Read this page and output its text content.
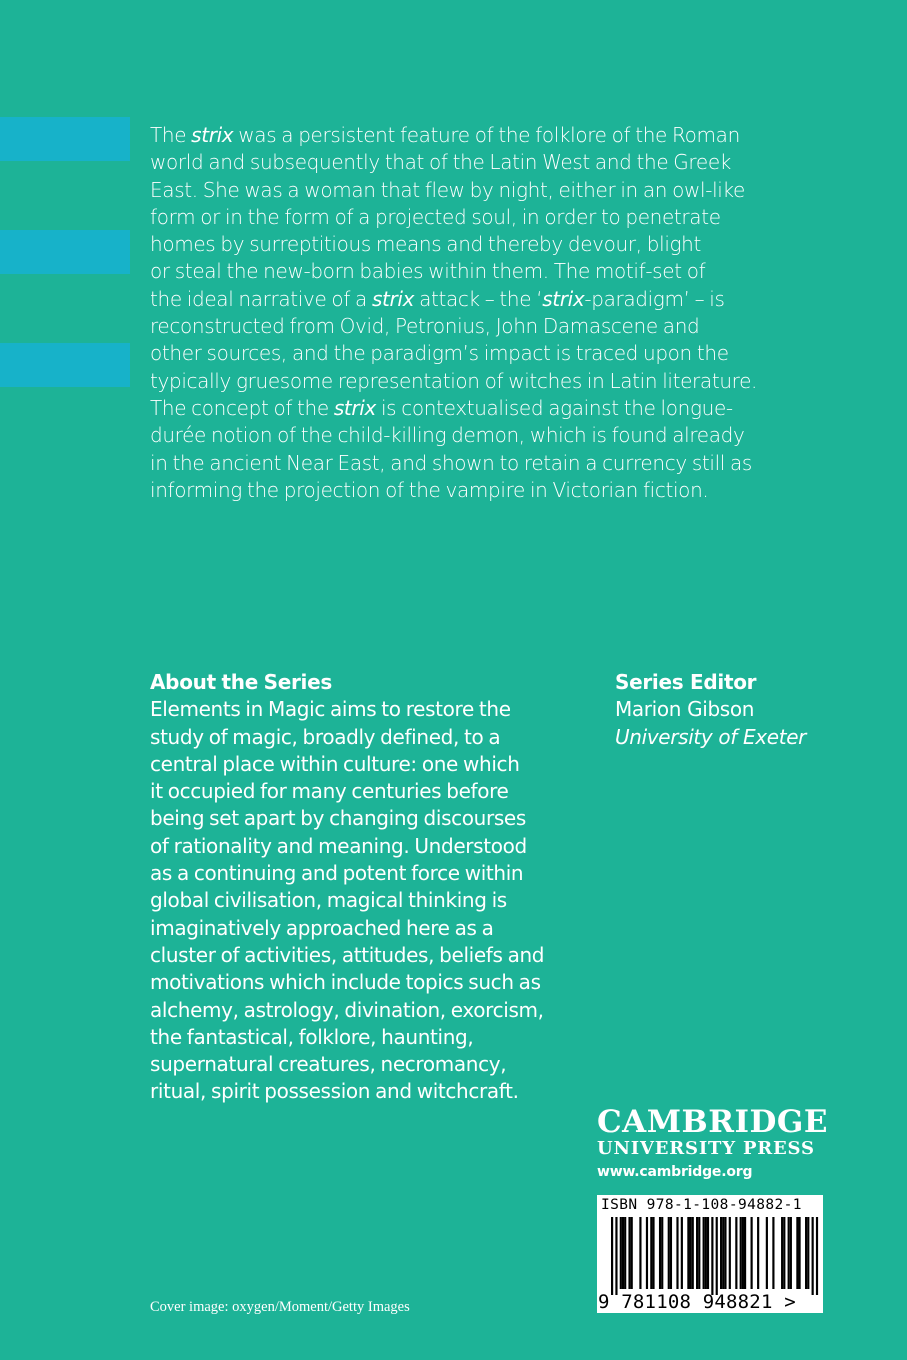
The strix was a persistent feature of the folklore of the Roman
world and subsequently that of the Latin West and the Greek
East. She was a woman that flew by night, either in an owl-like
form or in the form of a projected soul, in order to penetrate
homes by surreptitious means and thereby devour, blight
or steal the new-born babies within them. The motif-set of
the ideal narrative of a strix attack – the ‘strix-paradigm’ – is
reconstructed from Ovid, Petronius, John Damascene and
other sources, and the paradigm’s impact is traced upon the
typically gruesome representation of witches in Latin literature.
The concept of the strix is contextualised against the longue-
durée notion of the child-killing demon, which is found already
in the ancient Near East, and shown to retain a currency still as
informing the projection of the vampire in Victorian fiction.
About the Series
Elements in Magic aims to restore the
study of magic, broadly defined, to a
central place within culture: one which
it occupied for many centuries before
being set apart by changing discourses
of rationality and meaning. Understood
as a continuing and potent force within
global civilisation, magical thinking is
imaginatively approached here as a
cluster of activities, attitudes, beliefs and
motivations which include topics such as
alchemy, astrology, divination, exorcism,
the fantastical, folklore, haunting,
supernatural creatures, necromancy,
ritual, spirit possession and witchcraft.
Series Editor
Marion Gibson
University of Exeter
CAMBRIDGE
UNIVERSITY PRESS
www.cambridge.org
ISBN 978-1-108-94882-1
9 781108 948821 >
Cover image: oxygen/Moment/Getty Images
